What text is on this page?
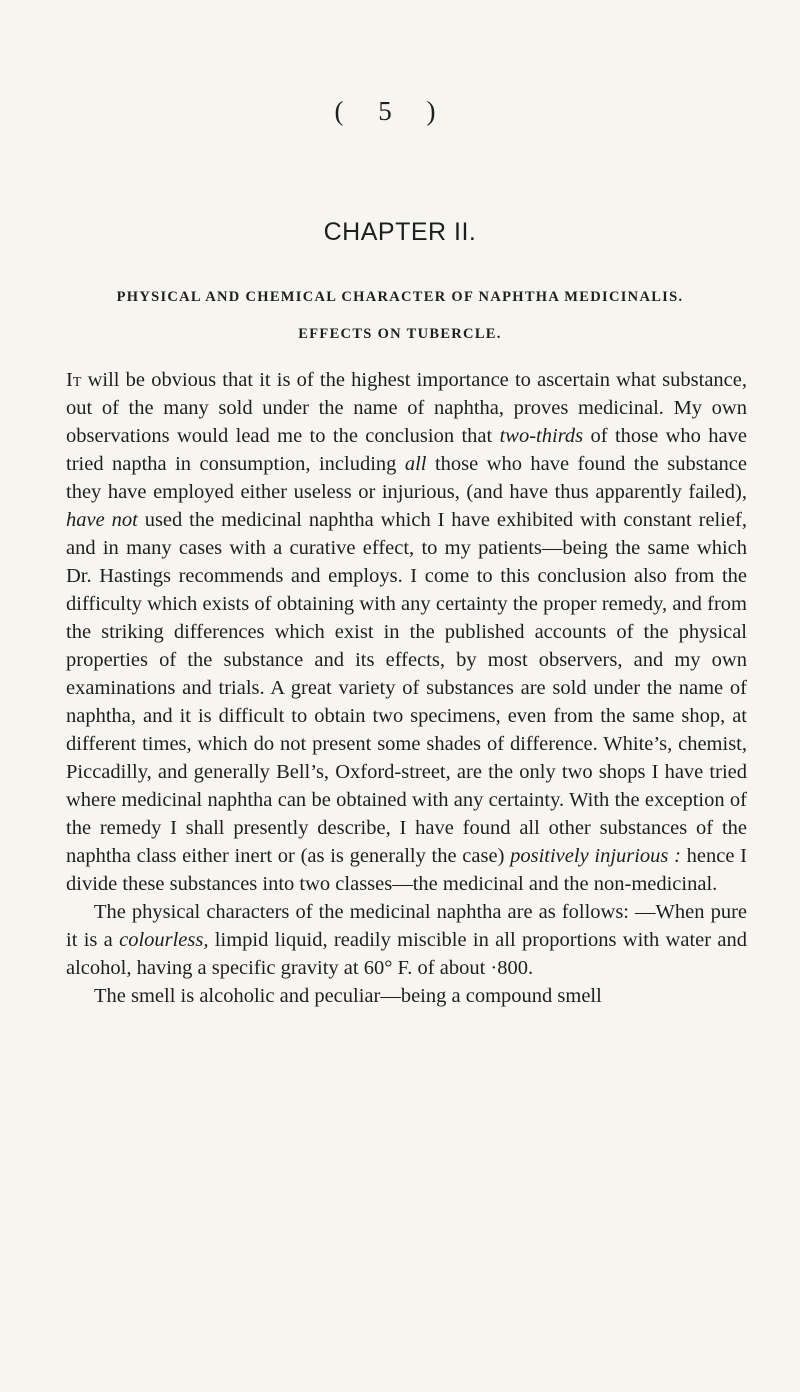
( 5 )
CHAPTER II.
PHYSICAL AND CHEMICAL CHARACTER OF NAPHTHA MEDICINALIS.
EFFECTS ON TUBERCLE.

It will be obvious that it is of the highest importance to ascertain what substance, out of the many sold under the name of naphtha, proves medicinal. My own observations would lead me to the conclusion that two-thirds of those who have tried naptha in consumption, including all those who have found the substance they have employed either useless or injurious, (and have thus apparently failed), have not used the medicinal naphtha which I have exhibited with constant relief, and in many cases with a curative effect, to my patients—being the same which Dr. Hastings recommends and employs. I come to this conclusion also from the difficulty which exists of obtaining with any certainty the proper remedy, and from the striking differences which exist in the published accounts of the physical properties of the substance and its effects, by most observers, and my own examinations and trials. A great variety of substances are sold under the name of naphtha, and it is difficult to obtain two specimens, even from the same shop, at different times, which do not present some shades of difference. White’s, chemist, Piccadilly, and generally Bell’s, Oxford-street, are the only two shops I have tried where medicinal naphtha can be obtained with any certainty. With the exception of the remedy I shall presently describe, I have found all other substances of the naphtha class either inert or (as is generally the case) positively injurious : hence I divide these substances into two classes—the medicinal and the non-medicinal.

The physical characters of the medicinal naphtha are as follows: —When pure it is a colourless, limpid liquid, readily miscible in all proportions with water and alcohol, having a specific gravity at 60° F. of about ·800.

The smell is alcoholic and peculiar—being a compound smell
